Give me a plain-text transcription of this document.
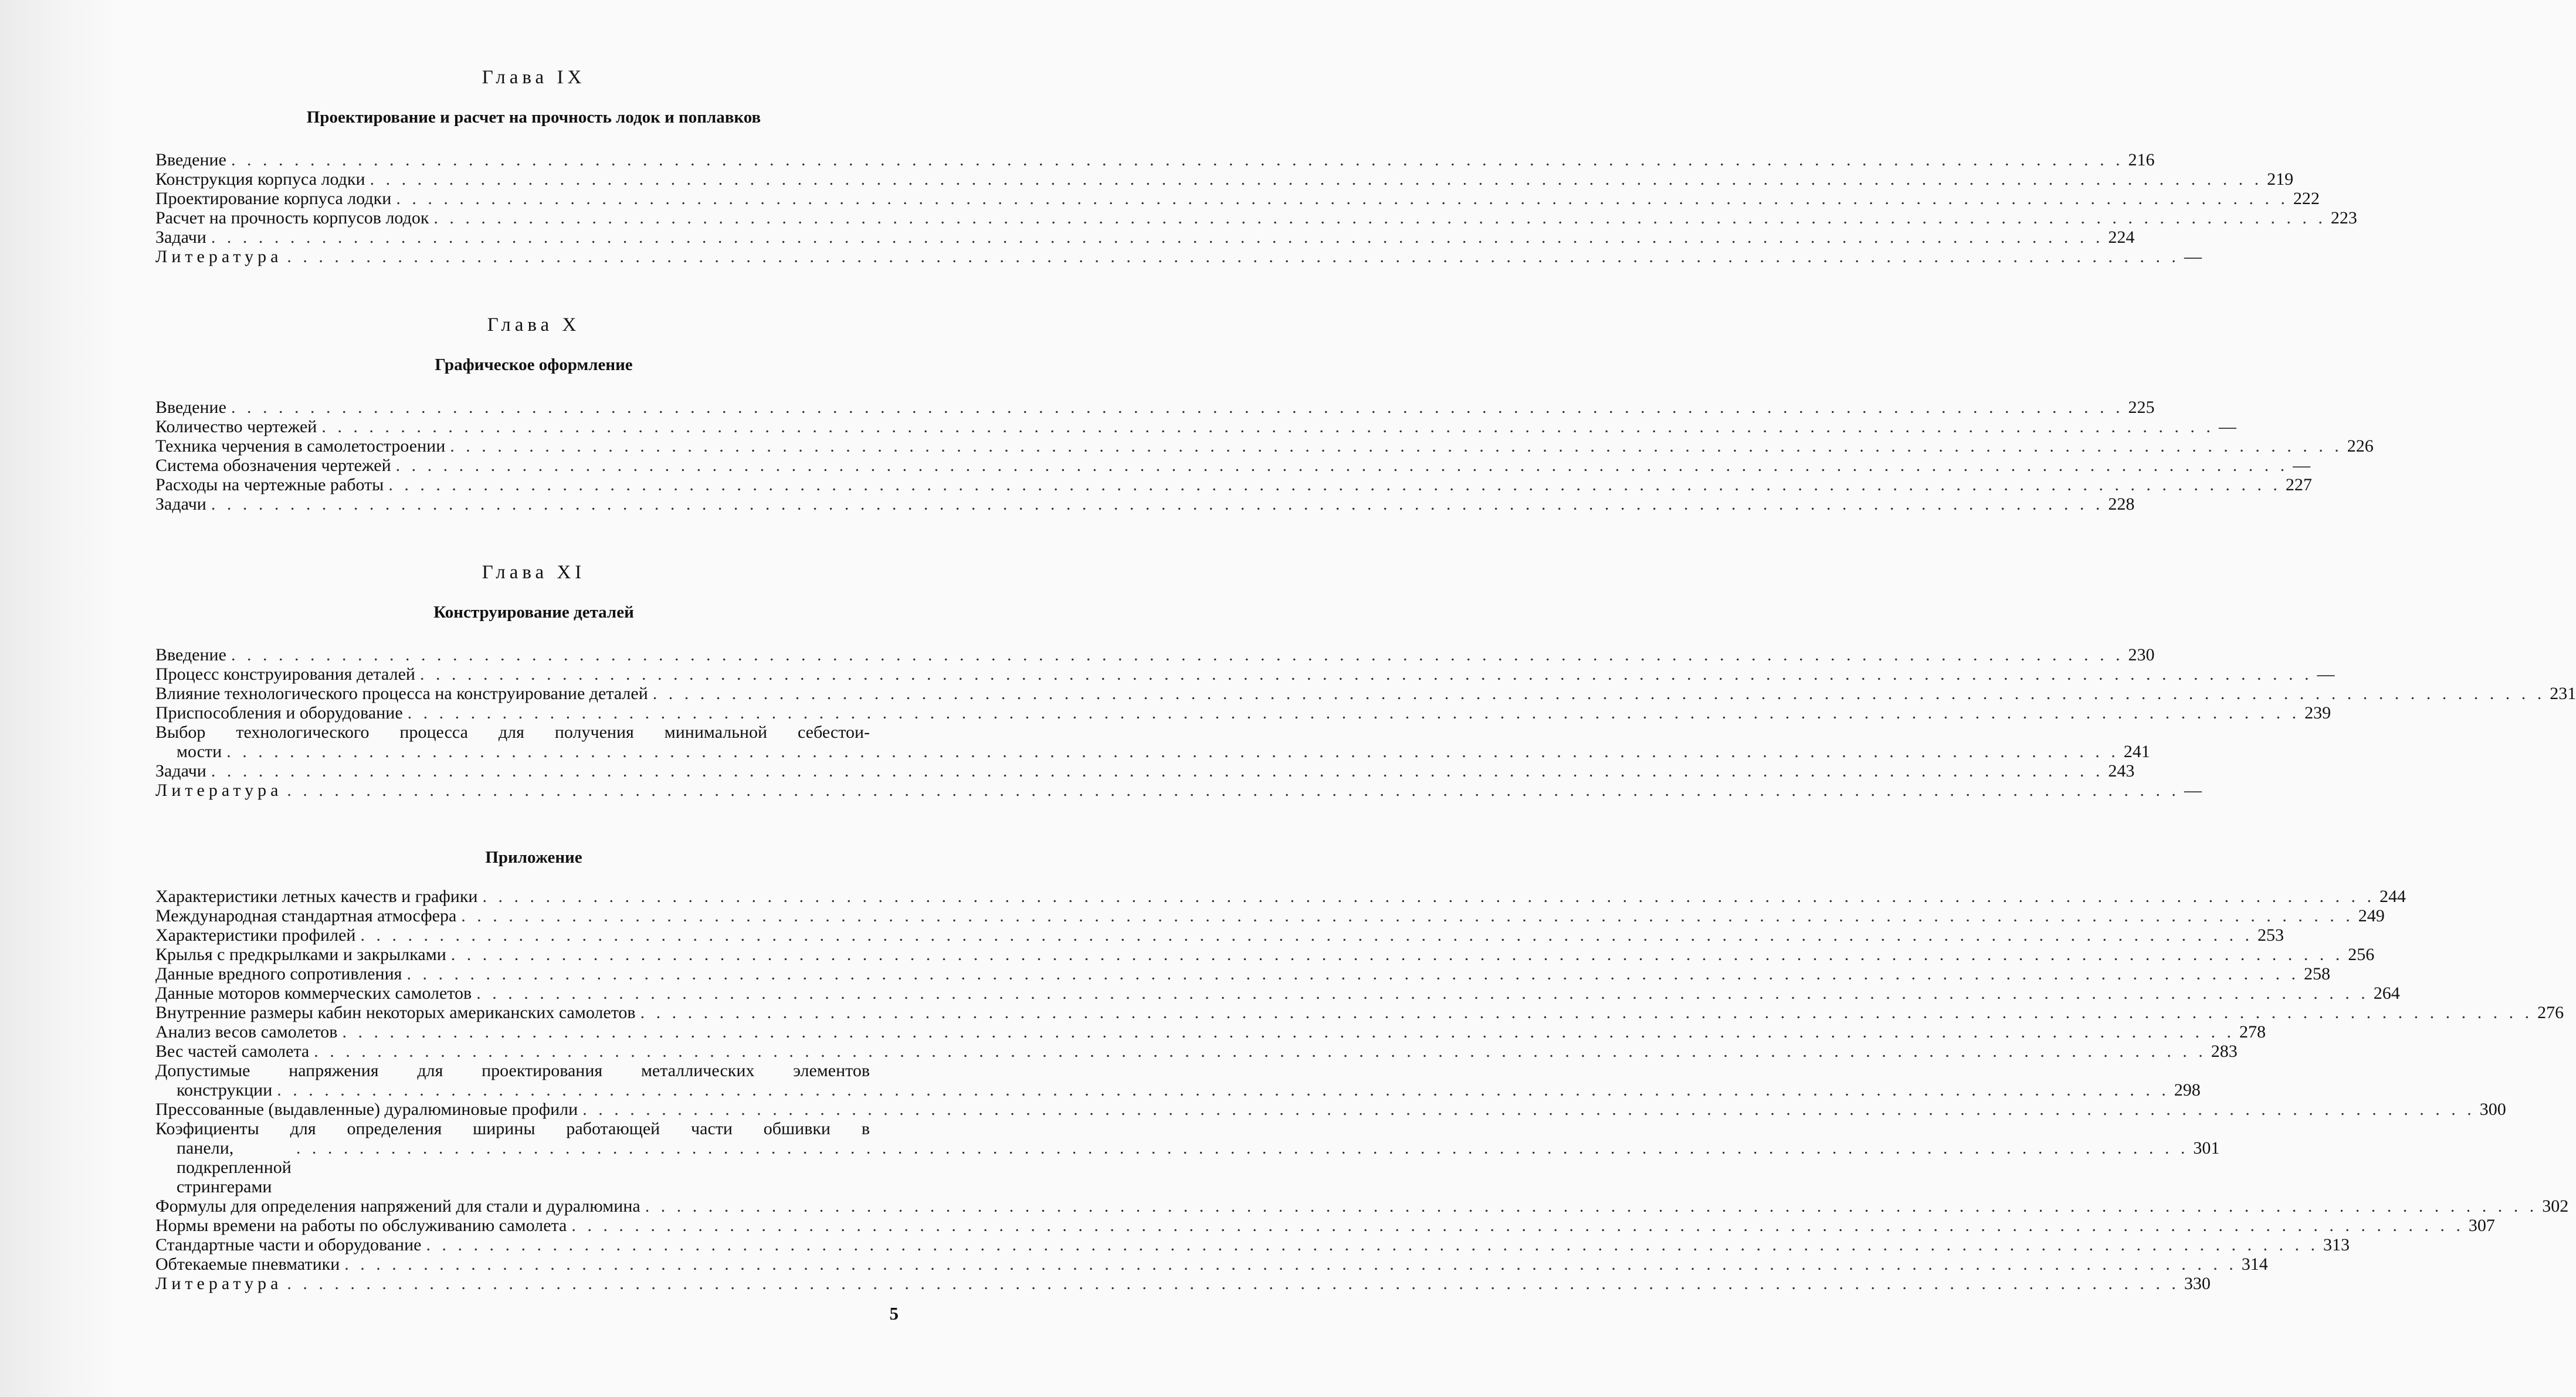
Глава IX
Проектирование и расчет на прочность лодок и поплавков
Введение . . . . . . . . . . . . . . . . . . . . . . . . . . . . . . . . . . . . . . . . . . . . . . . . . . . . . . . . . . . . . . . . . . . . . . . . . . . . . . . . . . . . . . . . . . . . . . . . . . . . . . . . . . . . . . . . . . . . . . . . 216
Конструкция корпуса лодки . . . . . . . . . . . . . . . . . . . . . . . . . . . . . . . . . . . . . . . . . . . . . . . . . . . . . . . . . . . . . . . . . . . . . . . . . . . . . . . . . . . . . . . . . . . . . . . . . . . . . . . . . . . . . . . . . . . . . . . . 219
Проектирование корпуса лодки . . . . . . . . . . . . . . . . . . . . . . . . . . . . . . . . . . . . . . . . . . . . . . . . . . . . . . . . . . . . . . . . . . . . . . . . . . . . . . . . . . . . . . . . . . . . . . . . . . . . . . . . . . . . . . . . . . . . . . . . 222
Расчет на прочность корпусов лодок . . . . . . . . . . . . . . . . . . . . . . . . . . . . . . . . . . . . . . . . . . . . . . . . . . . . . . . . . . . . . . . . . . . . . . . . . . . . . . . . . . . . . . . . . . . . . . . . . . . . . . . . . . . . . . . . . . . . . . . . 223
Задачи . . . . . . . . . . . . . . . . . . . . . . . . . . . . . . . . . . . . . . . . . . . . . . . . . . . . . . . . . . . . . . . . . . . . . . . . . . . . . . . . . . . . . . . . . . . . . . . . . . . . . . . . . . . . . . . . . . . . . . . . 224
Литература . . . . . . . . . . . . . . . . . . . . . . . . . . . . . . . . . . . . . . . . . . . . . . . . . . . . . . . . . . . . . . . . . . . . . . . . . . . . . . . . . . . . . . . . . . . . . . . . . . . . . . . . . . . . . . . . . . . . . . . . —
Глава X
Графическое оформление
Введение . . . . . . . . . . . . . . . . . . . . . . . . . . . . . . . . . . . . . . . . . . . . . . . . . . . . . . . . . . . . . . . . . . . . . . . . . . . . . . . . . . . . . . . . . . . . . . . . . . . . . . . . . . . . . . . . . . . . . . . . 225
Количество чертежей . . . . . . . . . . . . . . . . . . . . . . . . . . . . . . . . . . . . . . . . . . . . . . . . . . . . . . . . . . . . . . . . . . . . . . . . . . . . . . . . . . . . . . . . . . . . . . . . . . . . . . . . . . . . . . . . . . . . . . . . —
Техника черчения в самолетостроении . . . . . . . . . . . . . . . . . . . . . . . . . . . . . . . . . . . . . . . . . . . . . . . . . . . . . . . . . . . . . . . . . . . . . . . . . . . . . . . . . . . . . . . . . . . . . . . . . . . . . . . . . . . . . . . . . . . . . . . . 226
Система обозначения чертежей . . . . . . . . . . . . . . . . . . . . . . . . . . . . . . . . . . . . . . . . . . . . . . . . . . . . . . . . . . . . . . . . . . . . . . . . . . . . . . . . . . . . . . . . . . . . . . . . . . . . . . . . . . . . . . . . . . . . . . . . —
Расходы на чертежные работы . . . . . . . . . . . . . . . . . . . . . . . . . . . . . . . . . . . . . . . . . . . . . . . . . . . . . . . . . . . . . . . . . . . . . . . . . . . . . . . . . . . . . . . . . . . . . . . . . . . . . . . . . . . . . . . . . . . . . . . . 227
Задачи . . . . . . . . . . . . . . . . . . . . . . . . . . . . . . . . . . . . . . . . . . . . . . . . . . . . . . . . . . . . . . . . . . . . . . . . . . . . . . . . . . . . . . . . . . . . . . . . . . . . . . . . . . . . . . . . . . . . . . . . 228
Глава XI
Конструирование деталей
Введение . . . . . . . . . . . . . . . . . . . . . . . . . . . . . . . . . . . . . . . . . . . . . . . . . . . . . . . . . . . . . . . . . . . . . . . . . . . . . . . . . . . . . . . . . . . . . . . . . . . . . . . . . . . . . . . . . . . . . . . . 230
Процесс конструирования деталей . . . . . . . . . . . . . . . . . . . . . . . . . . . . . . . . . . . . . . . . . . . . . . . . . . . . . . . . . . . . . . . . . . . . . . . . . . . . . . . . . . . . . . . . . . . . . . . . . . . . . . . . . . . . . . . . . . . . . . . . —
Влияние технологического процесса на конструирование деталей . . . . . . . . . . . . . . . . . . . . . . . . . . . . . . . . . . . . . . . . . . . . . . . . . . . . . . . . . . . . . . . . . . . . . . . . . . . . . . . . . . . . . . . . . . . . . . . . . . . . . . . . . . . . . . . . . . . . . . . . 231
Приспособления и оборудование . . . . . . . . . . . . . . . . . . . . . . . . . . . . . . . . . . . . . . . . . . . . . . . . . . . . . . . . . . . . . . . . . . . . . . . . . . . . . . . . . . . . . . . . . . . . . . . . . . . . . . . . . . . . . . . . . . . . . . . . 239
Выбор технологического процесса для получения минимальной себестои-
мости . . . . . . . . . . . . . . . . . . . . . . . . . . . . . . . . . . . . . . . . . . . . . . . . . . . . . . . . . . . . . . . . . . . . . . . . . . . . . . . . . . . . . . . . . . . . . . . . . . . . . . . . . . . . . . . . . . . . . . . . 241
Задачи . . . . . . . . . . . . . . . . . . . . . . . . . . . . . . . . . . . . . . . . . . . . . . . . . . . . . . . . . . . . . . . . . . . . . . . . . . . . . . . . . . . . . . . . . . . . . . . . . . . . . . . . . . . . . . . . . . . . . . . . 243
Литература . . . . . . . . . . . . . . . . . . . . . . . . . . . . . . . . . . . . . . . . . . . . . . . . . . . . . . . . . . . . . . . . . . . . . . . . . . . . . . . . . . . . . . . . . . . . . . . . . . . . . . . . . . . . . . . . . . . . . . . . —
Приложение
Характеристики летных качеств и графики . . . . . . . . . . . . . . . . . . . . . . . . . . . . . . . . . . . . . . . . . . . . . . . . . . . . . . . . . . . . . . . . . . . . . . . . . . . . . . . . . . . . . . . . . . . . . . . . . . . . . . . . . . . . . . . . . . . . . . . . 244
Международная стандартная атмосфера . . . . . . . . . . . . . . . . . . . . . . . . . . . . . . . . . . . . . . . . . . . . . . . . . . . . . . . . . . . . . . . . . . . . . . . . . . . . . . . . . . . . . . . . . . . . . . . . . . . . . . . . . . . . . . . . . . . . . . . . 249
Характеристики профилей . . . . . . . . . . . . . . . . . . . . . . . . . . . . . . . . . . . . . . . . . . . . . . . . . . . . . . . . . . . . . . . . . . . . . . . . . . . . . . . . . . . . . . . . . . . . . . . . . . . . . . . . . . . . . . . . . . . . . . . . 253
Крылья с предкрылками и закрылками . . . . . . . . . . . . . . . . . . . . . . . . . . . . . . . . . . . . . . . . . . . . . . . . . . . . . . . . . . . . . . . . . . . . . . . . . . . . . . . . . . . . . . . . . . . . . . . . . . . . . . . . . . . . . . . . . . . . . . . . 256
Данные вредного сопротивления . . . . . . . . . . . . . . . . . . . . . . . . . . . . . . . . . . . . . . . . . . . . . . . . . . . . . . . . . . . . . . . . . . . . . . . . . . . . . . . . . . . . . . . . . . . . . . . . . . . . . . . . . . . . . . . . . . . . . . . . 258
Данные моторов коммерческих самолетов . . . . . . . . . . . . . . . . . . . . . . . . . . . . . . . . . . . . . . . . . . . . . . . . . . . . . . . . . . . . . . . . . . . . . . . . . . . . . . . . . . . . . . . . . . . . . . . . . . . . . . . . . . . . . . . . . . . . . . . . 264
Внутренние размеры кабин некоторых американских самолетов . . . . . . . . . . . . . . . . . . . . . . . . . . . . . . . . . . . . . . . . . . . . . . . . . . . . . . . . . . . . . . . . . . . . . . . . . . . . . . . . . . . . . . . . . . . . . . . . . . . . . . . . . . . . . . . . . . . . . . . . 276
Анализ весов самолетов . . . . . . . . . . . . . . . . . . . . . . . . . . . . . . . . . . . . . . . . . . . . . . . . . . . . . . . . . . . . . . . . . . . . . . . . . . . . . . . . . . . . . . . . . . . . . . . . . . . . . . . . . . . . . . . . . . . . . . . . 278
Вес частей самолета . . . . . . . . . . . . . . . . . . . . . . . . . . . . . . . . . . . . . . . . . . . . . . . . . . . . . . . . . . . . . . . . . . . . . . . . . . . . . . . . . . . . . . . . . . . . . . . . . . . . . . . . . . . . . . . . . . . . . . . . 283
Допустимые напряжения для проектирования металлических элементов
конструкции . . . . . . . . . . . . . . . . . . . . . . . . . . . . . . . . . . . . . . . . . . . . . . . . . . . . . . . . . . . . . . . . . . . . . . . . . . . . . . . . . . . . . . . . . . . . . . . . . . . . . . . . . . . . . . . . . . . . . . . . 298
Прессованные (выдавленные) дуралюминовые профили . . . . . . . . . . . . . . . . . . . . . . . . . . . . . . . . . . . . . . . . . . . . . . . . . . . . . . . . . . . . . . . . . . . . . . . . . . . . . . . . . . . . . . . . . . . . . . . . . . . . . . . . . . . . . . . . . . . . . . . . 300
Коэфициенты для определения ширины работающей части обшивки в
панели, подкрепленной стрингерами
. . . . . . . . . . . . . . . . . . . . . . . . . . . . . . . . . . . . . . . . . . . . . . . . . . . . . . . . . . . . . . . . . . . . . . . . . . . . . . . . . . . . . . . . . . . . . . . . . . . . . . . . . . . . . . . . . . . . . . . . 301
Формулы для определения напряжений для стали и дуралюмина . . . . . . . . . . . . . . . . . . . . . . . . . . . . . . . . . . . . . . . . . . . . . . . . . . . . . . . . . . . . . . . . . . . . . . . . . . . . . . . . . . . . . . . . . . . . . . . . . . . . . . . . . . . . . . . . . . . . . . . . 302
Нормы времени на работы по обслуживанию самолета . . . . . . . . . . . . . . . . . . . . . . . . . . . . . . . . . . . . . . . . . . . . . . . . . . . . . . . . . . . . . . . . . . . . . . . . . . . . . . . . . . . . . . . . . . . . . . . . . . . . . . . . . . . . . . . . . . . . . . . . 307
Стандартные части и оборудование . . . . . . . . . . . . . . . . . . . . . . . . . . . . . . . . . . . . . . . . . . . . . . . . . . . . . . . . . . . . . . . . . . . . . . . . . . . . . . . . . . . . . . . . . . . . . . . . . . . . . . . . . . . . . . . . . . . . . . . . 313
Обтекаемые пневматики . . . . . . . . . . . . . . . . . . . . . . . . . . . . . . . . . . . . . . . . . . . . . . . . . . . . . . . . . . . . . . . . . . . . . . . . . . . . . . . . . . . . . . . . . . . . . . . . . . . . . . . . . . . . . . . . . . . . . . . . 314
Литература . . . . . . . . . . . . . . . . . . . . . . . . . . . . . . . . . . . . . . . . . . . . . . . . . . . . . . . . . . . . . . . . . . . . . . . . . . . . . . . . . . . . . . . . . . . . . . . . . . . . . . . . . . . . . . . . . . . . . . . . 330
5
